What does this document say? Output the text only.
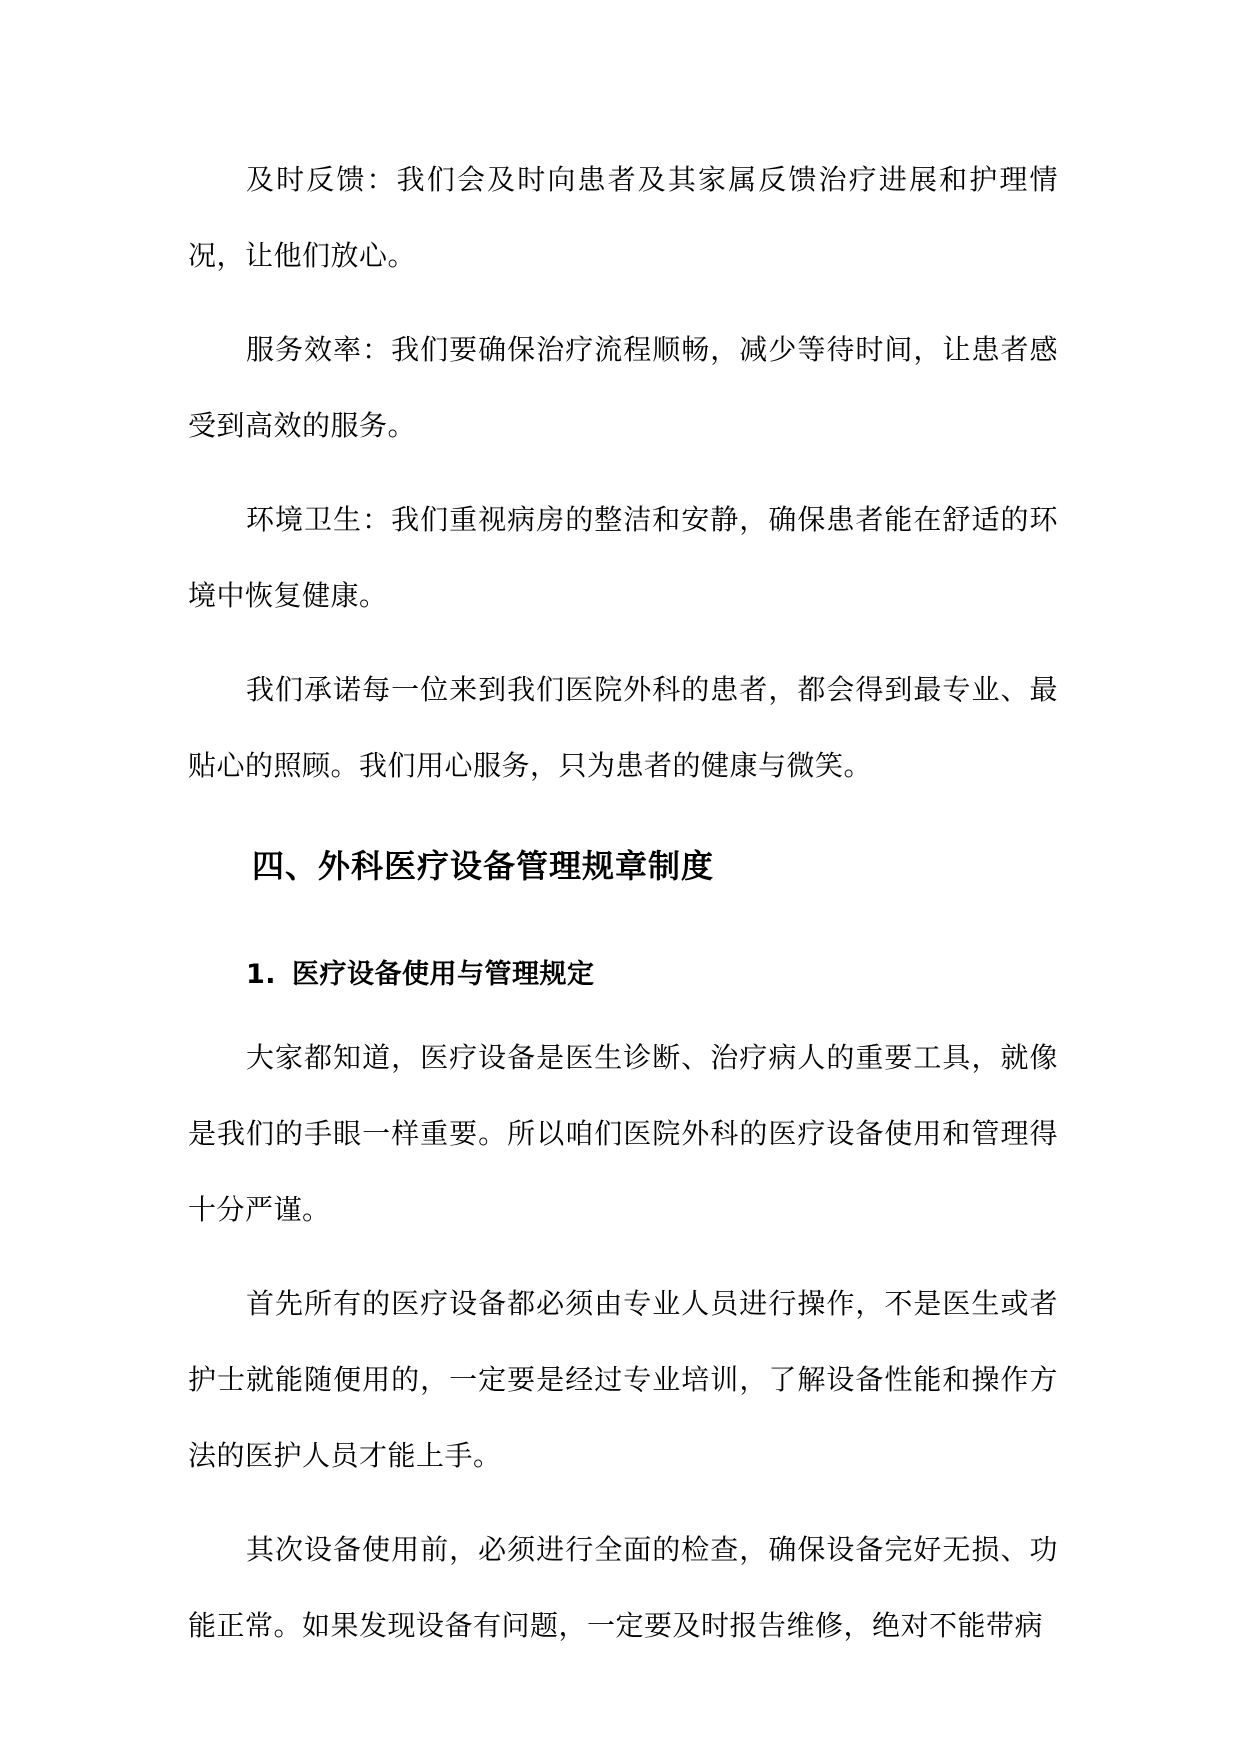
及时反馈：我们会及时向患者及其家属反馈治疗进展和护理情况，让他们放心。

服务效率：我们要确保治疗流程顺畅，减少等待时间，让患者感受到高效的服务。

环境卫生：我们重视病房的整洁和安静，确保患者能在舒适的环境中恢复健康。

我们承诺每一位来到我们医院外科的患者，都会得到最专业、最贴心的照顾。我们用心服务，只为患者的健康与微笑。

四、外科医疗设备管理规章制度
1. 医疗设备使用与管理规定

大家都知道，医疗设备是医生诊断、治疗病人的重要工具，就像是我们的手眼一样重要。所以咱们医院外科的医疗设备使用和管理得十分严谨。

首先所有的医疗设备都必须由专业人员进行操作，不是医生或者护士就能随便用的，一定要是经过专业培训，了解设备性能和操作方法的医护人员才能上手。

其次设备使用前，必须进行全面的检查，确保设备完好无损、功能正常。如果发现设备有问题，一定要及时报告维修，绝对不能带病
